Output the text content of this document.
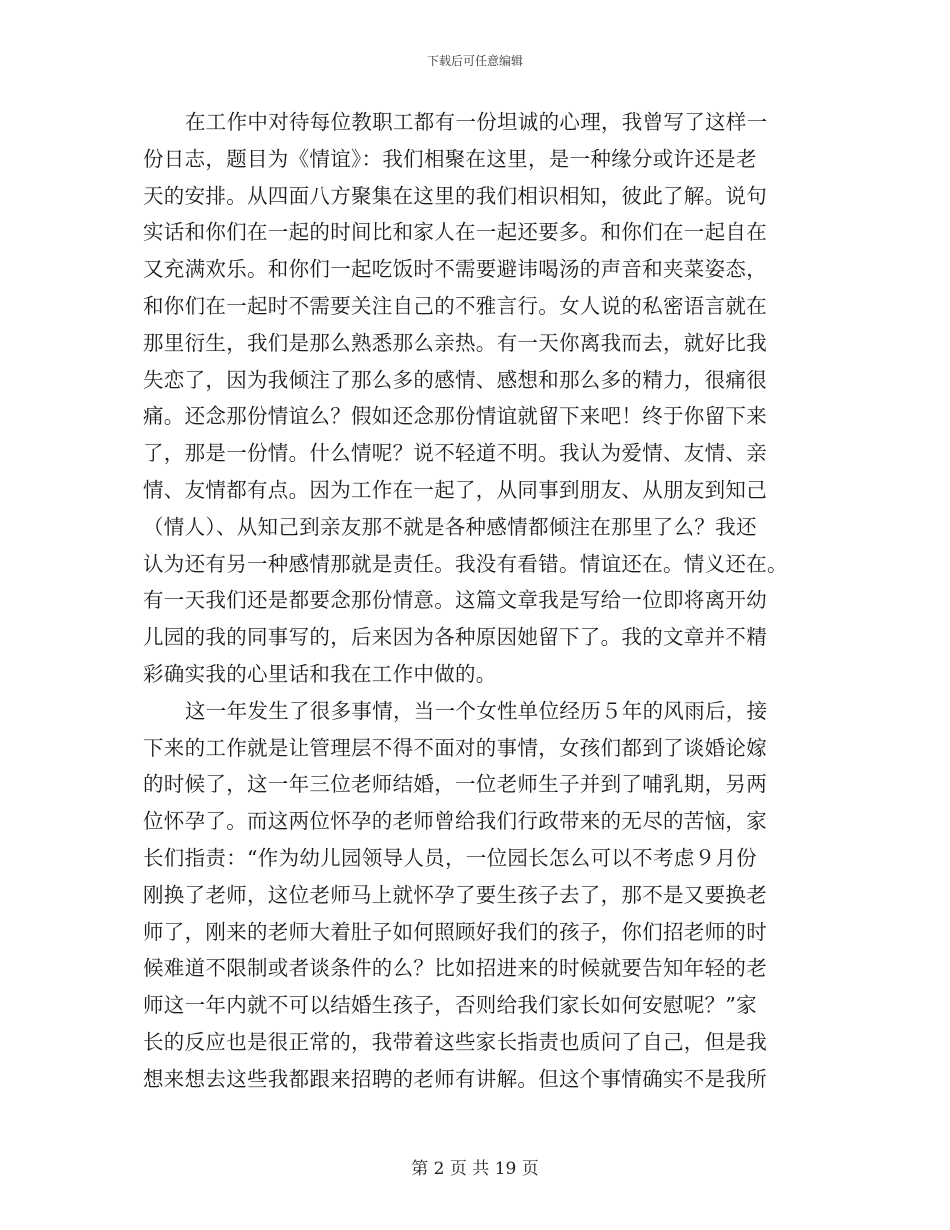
下载后可任意编辑
在工作中对待每位教职工都有一份坦诚的心理，我曾写了这样一
份日志，题目为《情谊》：我们相聚在这里，是一种缘分或许还是老
天的安排。从四面八方聚集在这里的我们相识相知，彼此了解。说句
实话和你们在一起的时间比和家人在一起还要多。和你们在一起自在
又充满欢乐。和你们一起吃饭时不需要避讳喝汤的声音和夹菜姿态，
和你们在一起时不需要关注自己的不雅言行。女人说的私密语言就在
那里衍生，我们是那么熟悉那么亲热。有一天你离我而去，就好比我
失恋了，因为我倾注了那么多的感情、感想和那么多的精力，很痛很
痛。还念那份情谊么？假如还念那份情谊就留下来吧！终于你留下来
了，那是一份情。什么情呢？说不轻道不明。我认为爱情、友情、亲
情、友情都有点。因为工作在一起了，从同事到朋友、从朋友到知己
（情人）、从知己到亲友那不就是各种感情都倾注在那里了么？我还
认为还有另一种感情那就是责任。我没有看错。情谊还在。情义还在。
有一天我们还是都要念那份情意。这篇文章我是写给一位即将离开幼
儿园的我的同事写的，后来因为各种原因她留下了。我的文章并不精
彩确实我的心里话和我在工作中做的。
这一年发生了很多事情，当一个女性单位经历５年的风雨后，接
下来的工作就是让管理层不得不面对的事情，女孩们都到了谈婚论嫁
的时候了，这一年三位老师结婚，一位老师生子并到了哺乳期，另两
位怀孕了。而这两位怀孕的老师曾给我们行政带来的无尽的苦恼，家
长们指责：“作为幼儿园领导人员，一位园长怎么可以不考虑９月份
刚换了老师，这位老师马上就怀孕了要生孩子去了，那不是又要换老
师了，刚来的老师大着肚子如何照顾好我们的孩子，你们招老师的时
候难道不限制或者谈条件的么？比如招进来的时候就要告知年轻的老
师这一年内就不可以结婚生孩子，否则给我们家长如何安慰呢？”家
长的反应也是很正常的，我带着这些家长指责也质问了自己，但是我
想来想去这些我都跟来招聘的老师有讲解。但这个事情确实不是我所
第 2 页 共 19 页
